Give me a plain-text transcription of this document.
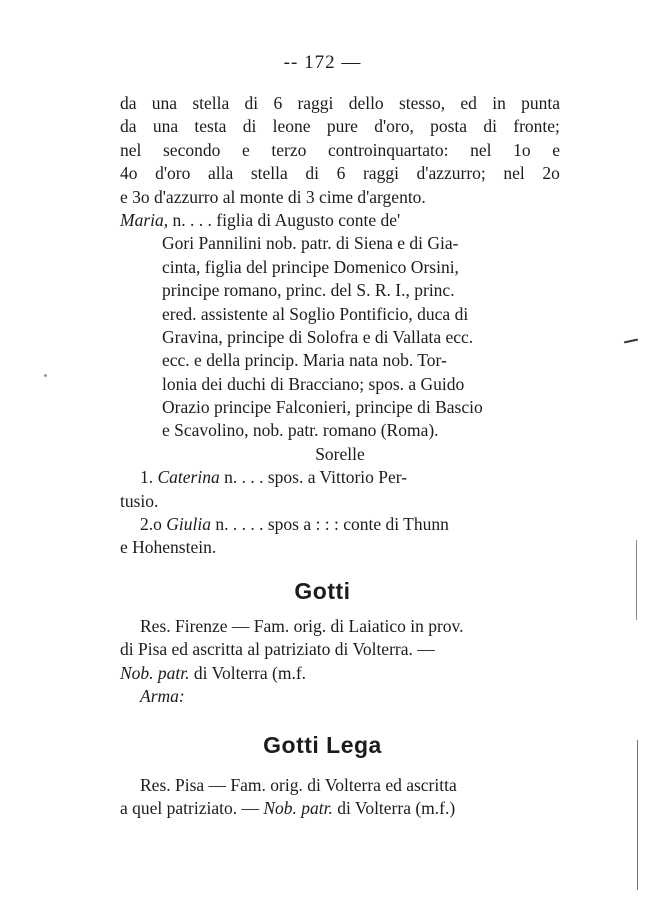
-- 172 —
da una stella di 6 raggi dello stesso, ed in punta
da una testa di leone pure d'oro, posta di fronte;
nel secondo e terzo controinquartato: nel 1o e
4o d'oro alla stella di 6 raggi d'azzurro; nel 2o
e 3o d'azzurro al monte di 3 cime d'argento.
Maria, n. . . . figlia di Augusto conte de'
Gori Pannilini nob. patr. di Siena e di Gia-
cinta, figlia del principe Domenico Orsini,
principe romano, princ. del S. R. I., princ.
ered. assistente al Soglio Pontificio, duca di
Gravina, principe di Solofra e di Vallata ecc.
ecc. e della princip. Maria nata nob. Tor-
lonia dei duchi di Bracciano; spos. a Guido
Orazio principe Falconieri, principe di Bascio
e Scavolino, nob. patr. romano (Roma).
Sorelle
1. Caterina n. . . . spos. a Vittorio Per-
tusio.
2.o Giulia n. . . . . spos a : : : conte di Thunn
e Hohenstein.
Gotti
Res. Firenze — Fam. orig. di Laiatico in prov.
di Pisa ed ascritta al patriziato di Volterra. —
Nob. patr. di Volterra (m.f.
Arma:
Gotti Lega
Res. Pisa — Fam. orig. di Volterra ed ascritta
a quel patriziato. — Nob. patr. di Volterra (m.f.)
